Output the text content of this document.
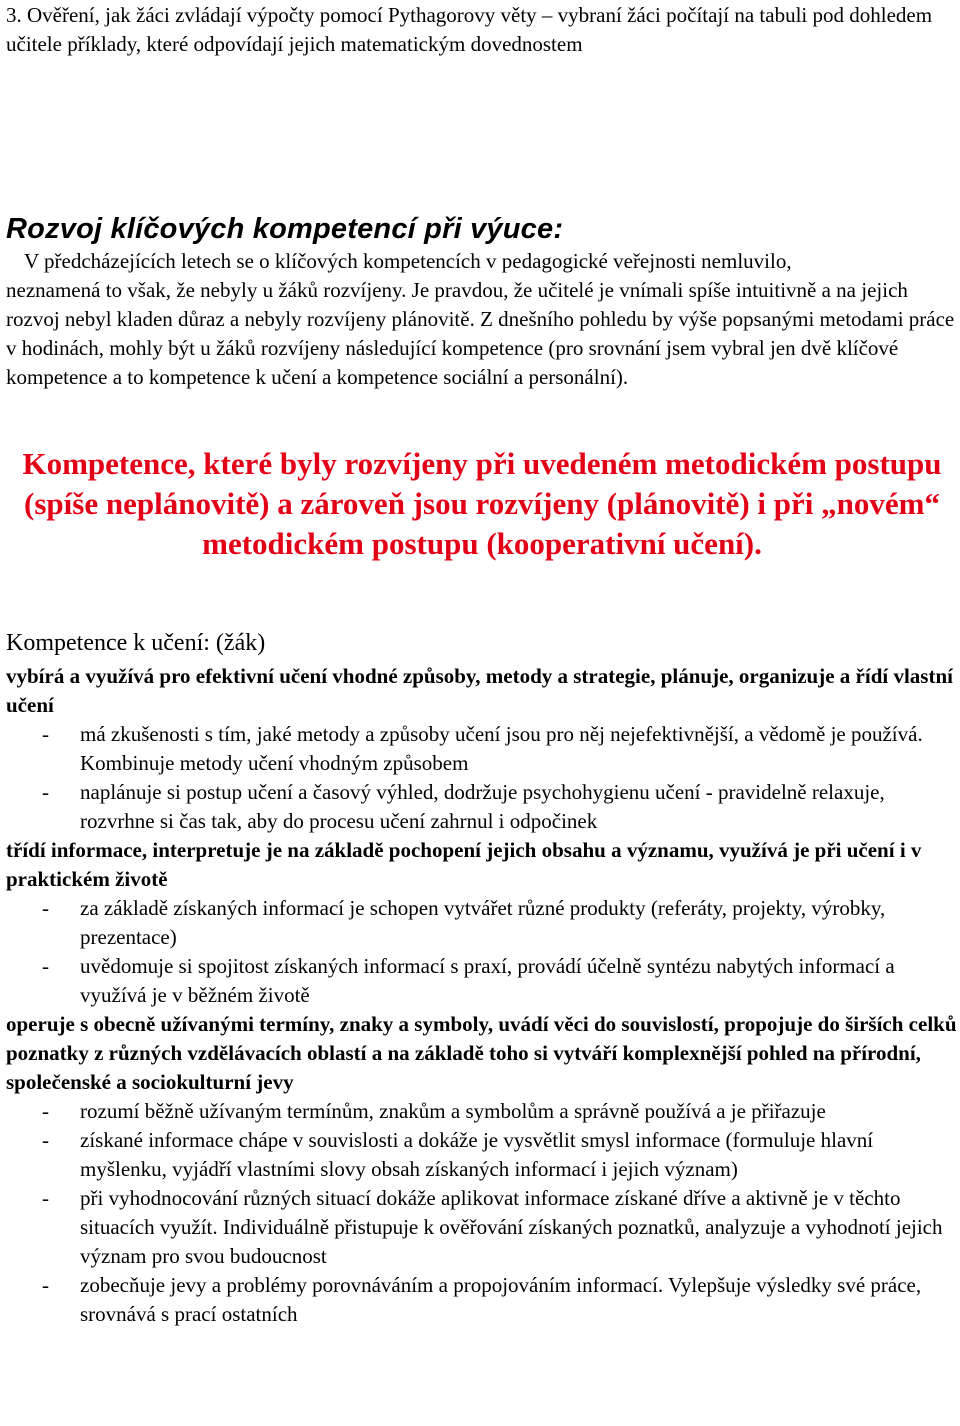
3. Ověření, jak žáci zvládají výpočty pomocí Pythagorovy věty – vybraní žáci počítají na tabuli pod dohledem učitele příklady, které odpovídají jejich matematickým dovednostem
Rozvoj klíčových kompetencí při výuce:

V předcházejících letech se o klíčových kompetencích v pedagogické veřejnosti nemluvilo,
neznamená to však, že nebyly u žáků rozvíjeny. Je pravdou, že učitelé je vnímali spíše intuitivně a na jejich rozvoj nebyl kladen důraz a nebyly rozvíjeny plánovitě. Z dnešního pohledu by výše popsanými metodami práce v hodinách, mohly být u žáků rozvíjeny následující kompetence (pro srovnání jsem vybral jen dvě klíčové kompetence a to kompetence k učení a kompetence sociální a personální).

Kompetence, které byly rozvíjeny při uvedeném metodickém postupu (spíše neplánovitě) a zároveň jsou rozvíjeny (plánovitě) i při „novém“ metodickém postupu (kooperativní učení).
Kompetence k učení: (žák)

vybírá a využívá pro efektivní učení vhodné způsoby, metody a strategie, plánuje, organizuje a řídí vlastní učení

- má zkušenosti s tím, jaké metody a způsoby učení jsou pro něj nejefektivnější, a vědomě je používá. Kombinuje metody učení vhodným způsobem
- naplánuje si postup učení a časový výhled, dodržuje psychohygienu učení - pravidelně relaxuje, rozvrhne si čas tak, aby do procesu učení zahrnul i odpočinek

třídí informace, interpretuje je na základě pochopení jejich obsahu a významu, využívá je při učení i v praktickém životě

- za základě získaných informací je schopen vytvářet různé produkty (referáty, projekty, výrobky, prezentace)
- uvědomuje si spojitost získaných informací s praxí, provádí účelně syntézu nabytých informací a využívá je v běžném životě

operuje s obecně užívanými termíny, znaky a symboly, uvádí věci do souvislostí, propojuje do širších celků poznatky z různých vzdělávacích oblastí a na základě toho si vytváří komplexnější pohled na přírodní, společenské a sociokulturní jevy

- rozumí běžně užívaným termínům, znakům a symbolům a správně používá a je přiřazuje
- získané informace chápe v souvislosti a dokáže je vysvětlit smysl informace (formuluje hlavní myšlenku, vyjádří vlastními slovy obsah získaných informací i jejich význam)
- při vyhodnocování různých situací dokáže aplikovat informace získané dříve a aktivně je v těchto situacích využít. Individuálně přistupuje k ověřování získaných poznatků, analyzuje a vyhodnotí jejich význam pro svou budoucnost
- zobecňuje jevy a problémy porovnáváním a propojováním informací. Vylepšuje výsledky své práce, srovnává s prací ostatních
